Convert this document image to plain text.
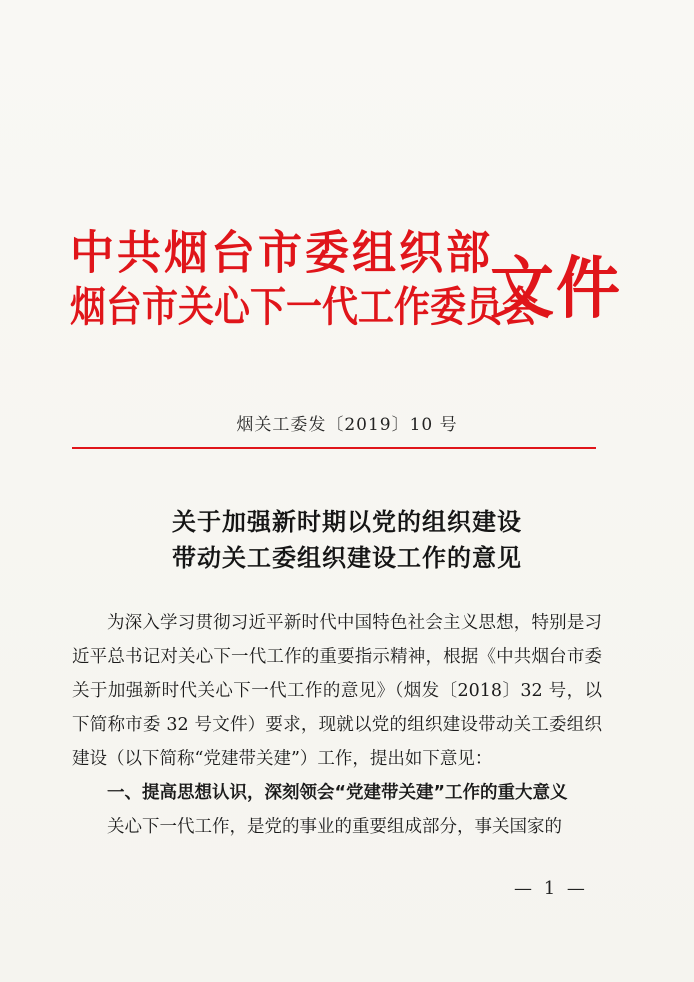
中共烟台市委组织部
烟台市关心下一代工作委员会
文件
烟关工委发〔2019〕10 号
关于加强新时期以党的组织建设
带动关工委组织建设工作的意见

为深入学习贯彻习近平新时代中国特色社会主义思想，特别是习近平总书记对关心下一代工作的重要指示精神，根据《中共烟台市委关于加强新时代关心下一代工作的意见》（烟发〔2018〕32 号，以下简称市委 32 号文件）要求，现就以党的组织建设带动关工委组织建设（以下简称“党建带关建”）工作，提出如下意见：

一、提高思想认识，深刻领会“党建带关建”工作的重大意义

关心下一代工作，是党的事业的重要组成部分，事关国家的

— 1 —
